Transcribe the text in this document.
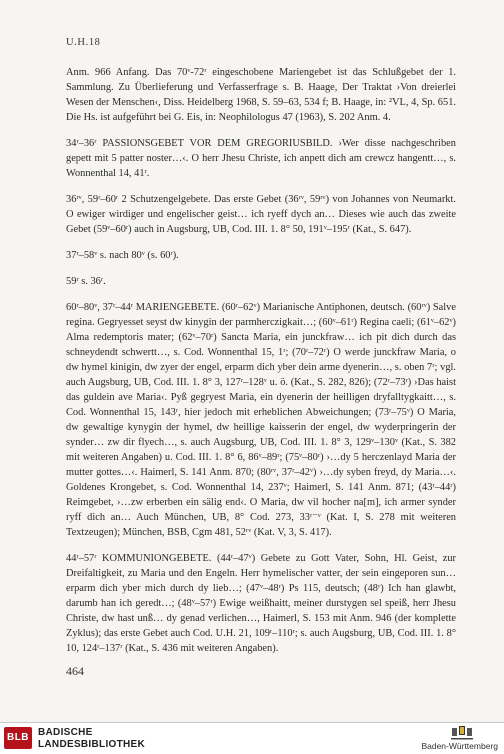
U.H.18

Anm. 966 Anfang. Das 70ᵛ-72ʳ eingeschobene Mariengebet ist das Schlußgebet der 1. Sammlung. Zu Überlieferung und Verfasserfrage s. B. Haage, Der Traktat ›Von dreierlei Wesen der Menschen‹, Diss. Heidelberg 1968, S. 59–63, 534 f; B. Haage, in: ²VL, 4, Sp. 651. Die Hs. ist aufgeführt bei G. Eis, in: Neophilologus 47 (1963), S. 202 Anm. 4.

34ʳ–36ʳ PASSIONSGEBET VOR DEM GREGORIUSBILD. ›Wer disse nachgeschriben gepett mit 5 patter noster…‹. O herr Jhesu Christe, ich anpett dich am crewcz hangentt…, s. Wonnenthal 14, 41ʳ.

36ʳᵛ, 59ʳ–60ʳ 2 Schutzengelgebete. Das erste Gebet (36ʳᵛ, 59ʳᵛ) von Johannes von Neumarkt. O ewiger wirdiger und engelischer geist… ich ryeff dych an… Dieses wie auch das zweite Gebet (59ᵛ–60ʳ) auch in Augsburg, UB, Cod. III. 1. 8° 50, 191ᵛ–195ʳ (Kat., S. 647).

37ʳ–58ᵛ s. nach 80ᵛ (s. 60ʳ).

59ʳ s. 36ʳ.

60ʳ–80ᵛ, 37ʳ–44ʳ MARIENGEBETE. (60ʳ–62ᵛ) Marianische Antiphonen, deutsch. (60ʳᵛ) Salve regina. Gegryesset seyst dw kinygin der parmherczigkait…; (60ᵛ–61ʳ) Regina caeli; (61ᵛ–62ᵛ) Alma redemptoris mater; (62ᵛ–70ʳ) Sancta Maria, ein junckfraw… ich pit dich durch das schneydendt schwertt…, s. Cod. Wonnenthal 15, 1ʳ; (70ʳ–72ʳ) O werde junckfraw Maria, o dw hymel kinigin, dw zyer der engel, erparm dich yber dein arme dyenerin…, s. oben 7ʳ; vgl. auch Augsburg, UB, Cod. III. 1. 8° 3, 127ʳ–128ᵛ u. ö. (Kat., S. 282, 826); (72ʳ–73ʳ) ›Das haist das guldein ave Maria‹. Pyß gegryest Maria, ein dyenerin der heilligen dryfalltygkaitt…, s. Cod. Wonnenthal 15, 143ʳ, hier jedoch mit erheblichen Abweichungen; (73ʳ–75ᵛ) O Maria, dw gewaltige kynygin der hymel, dw heillige kaisserin der engel, dw wyderpringerin der synder… zw dir flyech…, s. auch Augsburg, UB, Cod. III. 1. 8° 3, 129ᵛ–130ᵛ (Kat., S. 382 mit weiteren Angaben) u. Cod. III. 1. 8° 6, 86ᵛ–89ʳ; (75ᵛ–80ʳ) ›…dy 5 herczenlayd Maria der mutter gottes…‹. Haimerl, S. 141 Anm. 870; (80ʳᵛ, 37ʳ–42ᵛ) ›…dy syben freyd, dy Maria…‹. Goldenes Krongebet, s. Cod. Wonnenthal 14, 237ᵛ; Haimerl, S. 141 Anm. 871; (43ʳ–44ʳ) Reimgebet, ›…zw erberben ein sälig end‹. O Maria, dw vil hocher na[m], ich armer synder ryff dich an… Auch München, UB, 8° Cod. 273, 33ʳ⁻ᵛ (Kat. I, S. 278 mit weiteren Textzeugen); München, BSB, Cgm 481, 52ʳᵛ (Kat. V, 3, S. 417).

44ʳ–57ʳ KOMMUNIONGEBETE. (44ʳ–47ᵛ) Gebete zu Gott Vater, Sohn, Hl. Geist, zur Dreifaltigkeit, zu Maria und den Engeln. Herr hymelischer vatter, der sein eingeporen sun… erparm dich yber mich durch dy lieb…; (47ᵛ–48ʳ) Ps 115, deutsch; (48ʳ) Ich han glawbt, darumb han ich geredt…; (48ᵛ–57ʳ) Ewige weißhaitt, meiner durstygen sel speiß, herr Jhesu Christe, dw hast unß… dy genad verlichen…, Haimerl, S. 153 mit Anm. 946 (der komplette Zyklus); das erste Gebet auch Cod. U.H. 21, 109ʳ–110ʳ; s. auch Augsburg, UB, Cod. III. 1. 8° 10, 124ʳ–137ʳ (Kat., S. 436 mit weiteren Angaben).

464
BLB BADISCHE
LANDESBIBLIOTHEK	Baden-Württemberg
